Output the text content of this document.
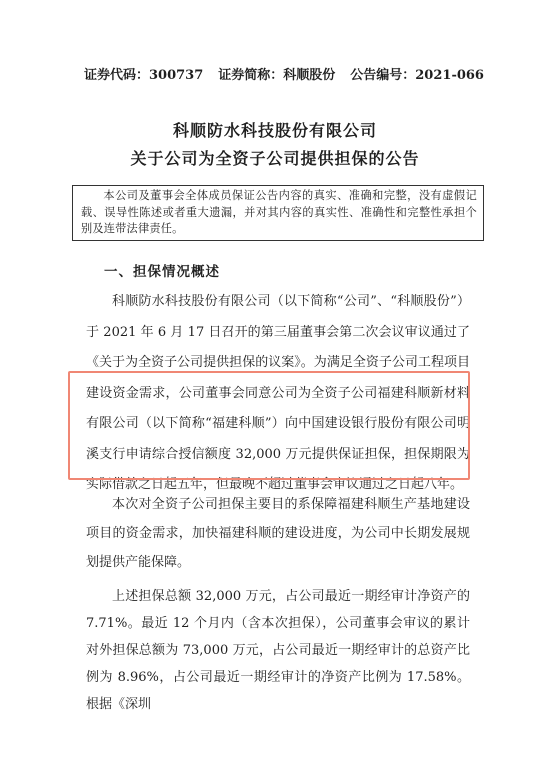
证券代码：300737 证券简称：科顺股份 公告编号：2021-066
科顺防水科技股份有限公司
关于公司为全资子公司提供担保的公告
本公司及董事会全体成员保证公告内容的真实、准确和完整，没有虚假记载、误导性陈述或者重大遗漏，并对其内容的真实性、准确性和完整性承担个别及连带法律责任。
一、担保情况概述
科顺防水科技股份有限公司（以下简称“公司”、“科顺股份”）于 2021 年 6 月 17 日召开的第三届董事会第二次会议审议通过了《关于为全资子公司提供担保的议案》。为满足全资子公司工程项目建设资金需求，公司董事会同意公司为全资子公司福建科顺新材料有限公司（以下简称“福建科顺”）向中国建设银行股份有限公司明溪支行申请综合授信额度 32,000 万元提供保证担保，担保期限为实际借款之日起五年，但最晚不超过董事会审议通过之日起八年。
本次对全资子公司担保主要目的系保障福建科顺生产基地建设项目的资金需求，加快福建科顺的建设进度，为公司中长期发展规划提供产能保障。
上述担保总额 32,000 万元，占公司最近一期经审计净资产的 7.71%。最近 12 个月内（含本次担保），公司董事会审议的累计对外担保总额为 73,000 万元，占公司最近一期经审计的总资产比例为 8.96%，占公司最近一期经审计的净资产比例为 17.58%。根据《深圳
